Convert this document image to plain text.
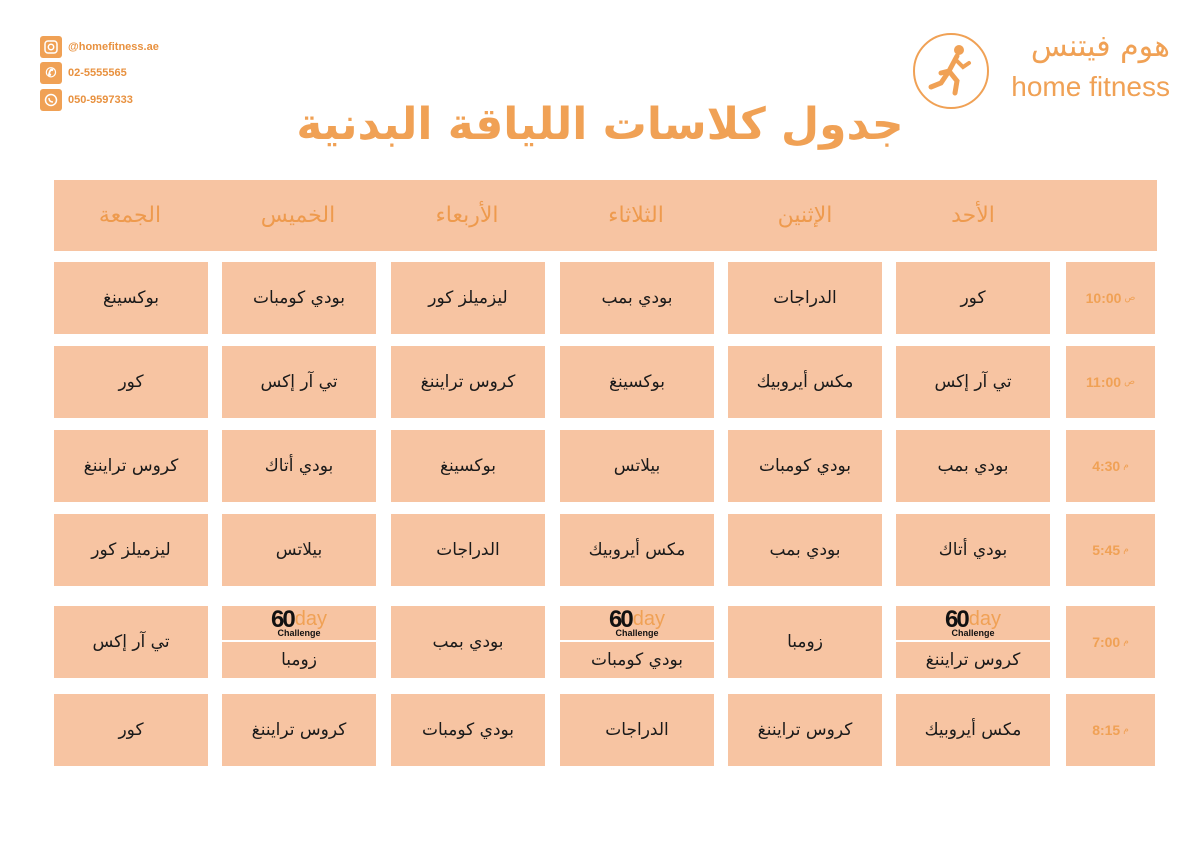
@homefitness.ae
✆	02-5555565
050-9597333
هوم فيتنس
home fitness
جدول كلاسات اللياقة البدنية
الأحد
الإثنين
الثلاثاء
الأربعاء
الخميس
الجمعة
10:00 ص
كور
الدراجات
بودي بمب
ليزميلز كور
بودي كومبات
بوكسينغ
11:00 ص
تي آر إكس
مكس أيروبيك
بوكسينغ
كروس ترايننغ
تي آر إكس
كور
4:30 م
بودي بمب
بودي كومبات
بيلاتس
بوكسينغ
بودي أتاك
كروس ترايننغ
5:45 م
بودي أتاك
بودي بمب
مكس أيروبيك
الدراجات
بيلاتس
ليزميلز كور
7:00 م
60 day
Challenge
كروس ترايننغ
زومبا
60 day
Challenge
بودي كومبات
بودي بمب
60 day
Challenge
زومبا
تي آر إكس
8:15 م
مكس أيروبيك
كروس ترايننغ
الدراجات
بودي كومبات
كروس ترايننغ
كور
